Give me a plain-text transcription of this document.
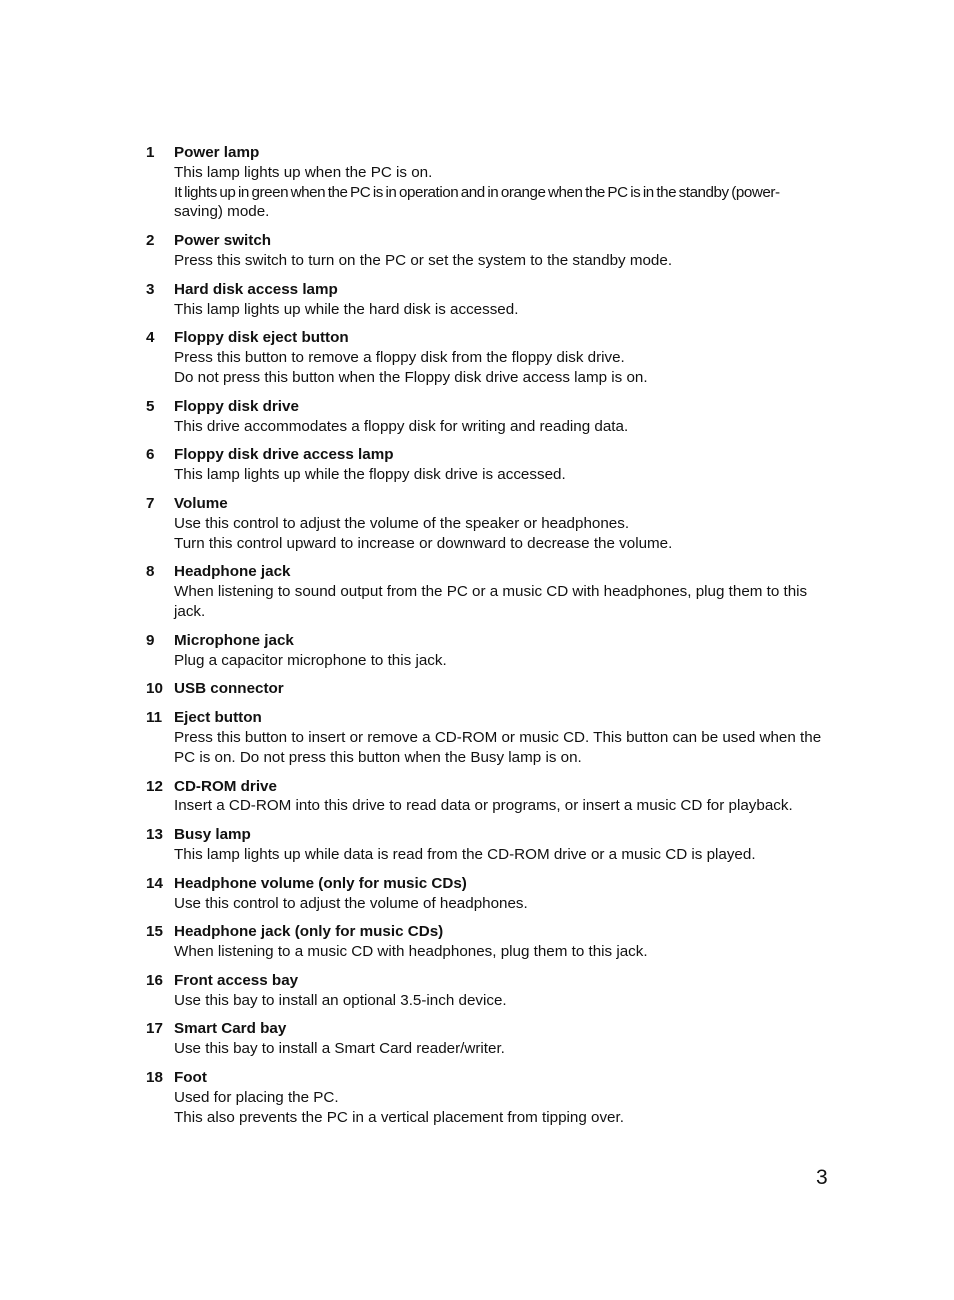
1	Power lamp
This lamp lights up when the PC is on.
It lights up in green when the PC is in operation and in orange when the PC is in the standby (power-
saving) mode.
2	Power switch
Press this switch to turn on the PC or set the system to the standby mode.
3	Hard disk access lamp
This lamp lights up while the hard disk is accessed.
4	Floppy disk eject button
Press this button to remove a floppy disk from the floppy disk drive.
Do not press this button when the Floppy disk drive access lamp is on.
5	Floppy disk drive
This drive accommodates a floppy disk for writing and reading data.
6	Floppy disk drive access lamp
This lamp lights up while the floppy disk drive is accessed.
7	Volume
Use this control to adjust the volume of the speaker or headphones.
Turn this control upward to increase or downward to decrease the volume.
8	Headphone jack
When listening to sound output from the PC or a music CD with headphones, plug them to this
jack.
9	Microphone jack
Plug a capacitor microphone to this jack.
10 USB connector
11 Eject button
Press this button to insert or remove a CD-ROM or music CD. This button can be used when the
PC is on. Do not press this button when the Busy lamp is on.
12 CD-ROM drive
Insert a CD-ROM into this drive to read data or programs, or insert a music CD for playback.
13 Busy lamp
This lamp lights up while data is read from the CD-ROM drive or a music CD is played.
14 Headphone volume (only for music CDs)
Use this control to adjust the volume of headphones.
15 Headphone jack (only for music CDs)
When listening to a music CD with headphones, plug them to this jack.
16 Front access bay
Use this bay to install an optional 3.5-inch device.
17 Smart Card bay
Use this bay to install a Smart Card reader/writer.
18 Foot
Used for placing the PC.
This also prevents the PC in a vertical placement from tipping over.
3
